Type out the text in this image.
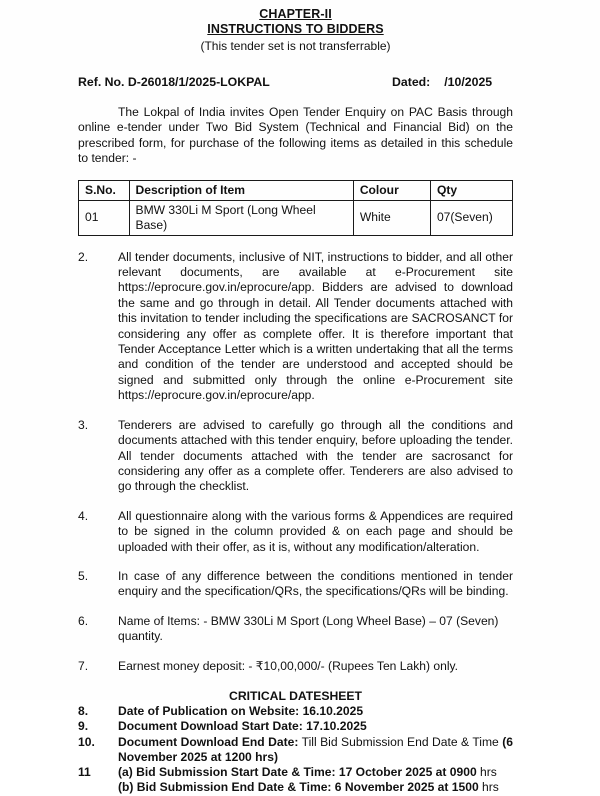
CHAPTER-II
INSTRUCTIONS TO BIDDERS
(This tender set is not transferrable)
Ref. No. D-26018/1/2025-LOKPAL	Dated: /10/2025

The Lokpal of India invites Open Tender Enquiry on PAC Basis through online e-tender under Two Bid System (Technical and Financial Bid) on the prescribed form, for purchase of the following items as detailed in this schedule to tender: -

S.No.	Description of Item	Colour	Qty
01	BMW 330Li M Sport (Long Wheel Base)	White	07(Seven)
2.	All tender documents, inclusive of NIT, instructions to bidder, and all other relevant documents, are available at e-Procurement site https://eprocure.gov.in/eprocure/app. Bidders are advised to download the same and go through in detail. All Tender documents attached with this invitation to tender including the specifications are SACROSANCT for considering any offer as complete offer. It is therefore important that Tender Acceptance Letter which is a written undertaking that all the terms and condition of the tender are understood and accepted should be signed and submitted only through the online e-Procurement site https://eprocure.gov.in/eprocure/app.
3.	Tenderers are advised to carefully go through all the conditions and documents attached with this tender enquiry, before uploading the tender. All tender documents attached with the tender are sacrosanct for considering any offer as a complete offer. Tenderers are also advised to go through the checklist.
4.	All questionnaire along with the various forms & Appendices are required to be signed in the column provided & on each page and should be uploaded with their offer, as it is, without any modification/alteration.
5.	In case of any difference between the conditions mentioned in tender enquiry and the specification/QRs, the specifications/QRs will be binding.
6.	Name of Items: - BMW 330Li M Sport (Long Wheel Base) – 07 (Seven) quantity.
7.	Earnest money deposit: - ₹10,00,000/- (Rupees Ten Lakh) only.
CRITICAL DATESHEET
8.	Date of Publication on Website: 16.10.2025
9.	Document Download Start Date: 17.10.2025
10.	Document Download End Date: Till Bid Submission End Date & Time (6 November 2025 at 1200 hrs)
11	(a) Bid Submission Start Date & Time: 17 October 2025 at 0900 hrs
(b) Bid Submission End Date & Time: 6 November 2025 at 1500 hrs
